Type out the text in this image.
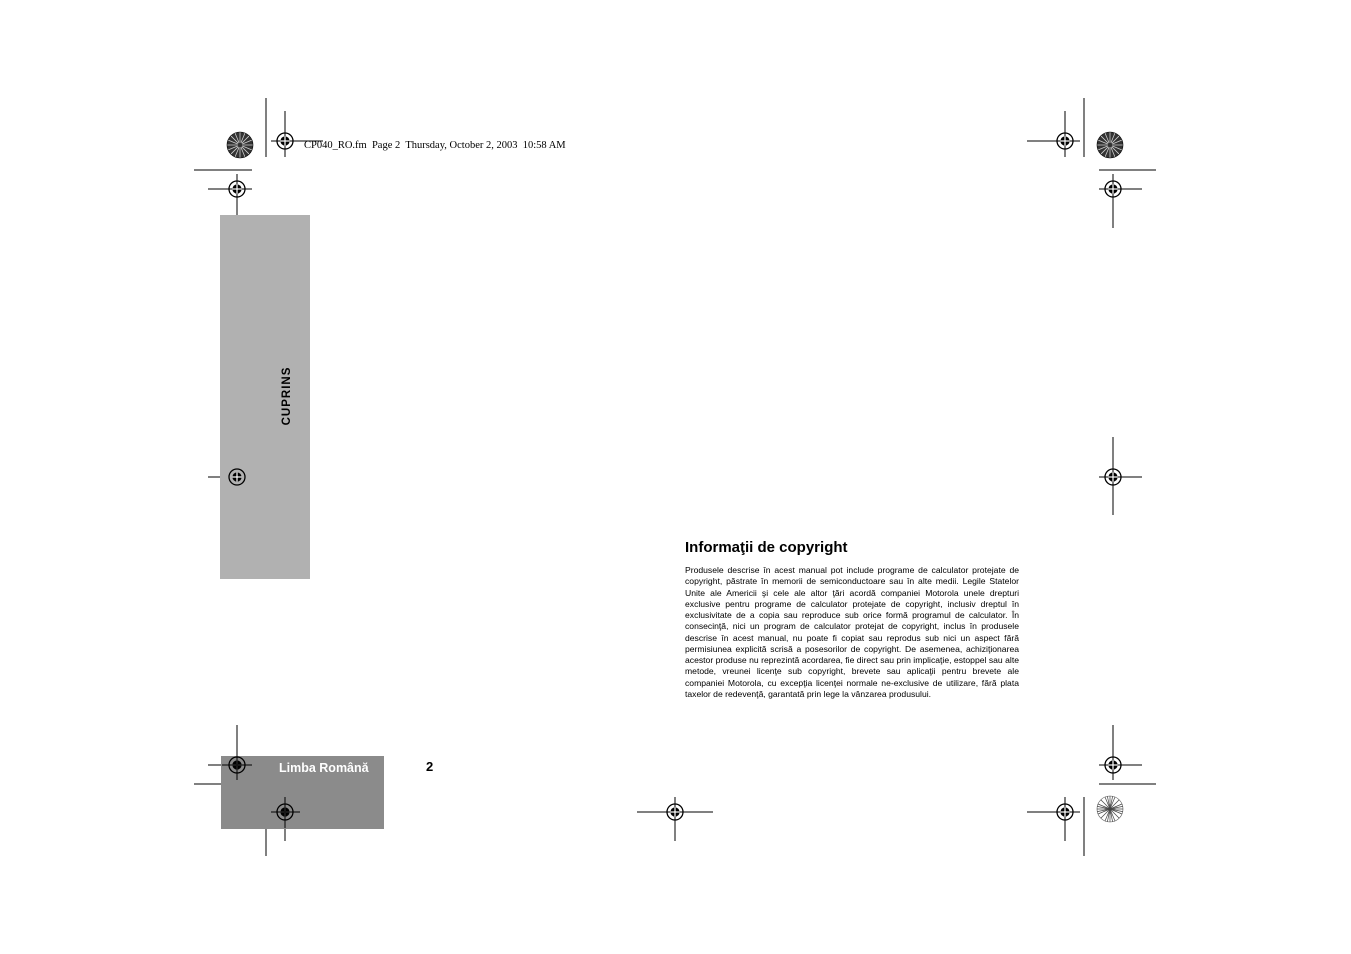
CP040_RO.fm  Page 2  Thursday, October 2, 2003  10:58 AM
CUPRINS
Limba Română	2
Informaţii de copyright

Produsele descrise în acest manual pot include programe de calculator protejate de copyright, păstrate în memorii de semiconductoare sau în alte medii. Legile Statelor Unite ale Americii şi cele ale altor ţări acordă companiei Motorola unele drepturi exclusive pentru programe de calculator protejate de copyright, inclusiv dreptul în exclusivitate de a copia sau reproduce sub orice formă programul de calculator. În consecinţă, nici un program de calculator protejat de copyright, inclus în produsele descrise în acest manual, nu poate fi copiat sau reprodus sub nici un aspect fără permisiunea explicită scrisă a posesorilor de copyright. De asemenea, achiziţionarea acestor produse nu reprezintă acordarea, fie direct sau prin implicaţie, estoppel sau alte metode, vreunei licenţe sub copyright, brevete sau aplicaţii pentru brevete ale companiei Motorola, cu excepţia licenţei normale ne-exclusive de utilizare, fără plata taxelor de redevenţă, garantată prin lege la vânzarea produsului.
